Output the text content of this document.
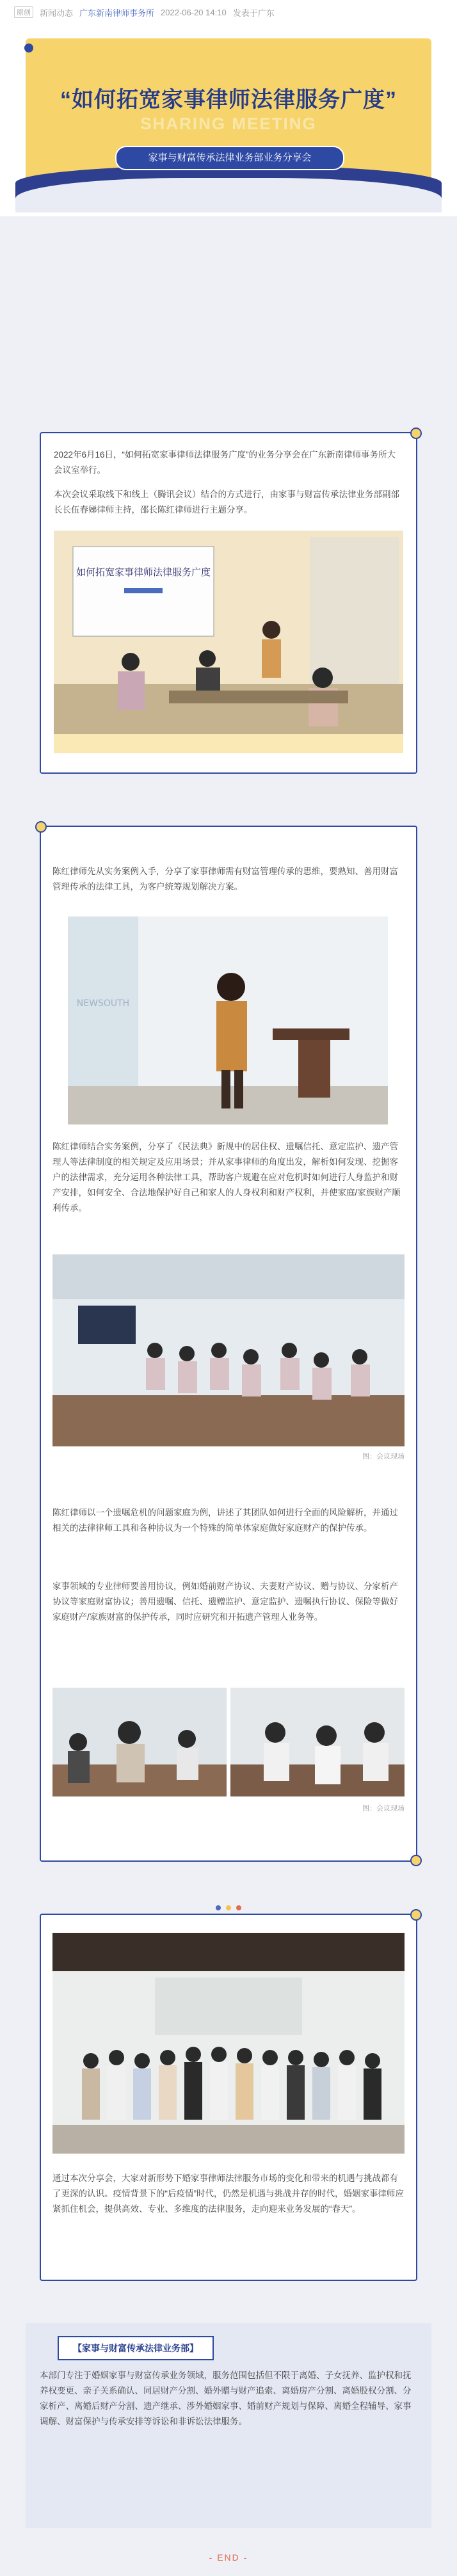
原创	新闻动态 广东新南律师事务所 2022-06-20 14:10 发表于广东
“如何拓宽家事律师法律服务广度”
SHARING MEETING
家事与财富传承法律业务部业务分享会

2022年6月16日，“如何拓宽家事律师法律服务广度”的业务分享会在广东新南律师事务所大会议室举行。

本次会议采取线下和线上（腾讯会议）结合的方式进行，由家事与财富传承法律业务部副部长长伍春娣律师主持，邵长陈红律师进行主题分享。

如何拓宽家事律师法律服务广度

陈红律师先从实务案例入手，分享了家事律师需有财富管理传承的思维，要熟知、善用财富管理传承的法律工具，为客户统筹规划解决方案。

NEWSOUTH

陈红律师结合实务案例，分享了《民法典》新规中的居住权、遗嘱信托、意定监护、遗产管理人等法律制度的相关规定及应用场景；并从家事律师的角度出发，解析如何发现、挖掘客户的法律需求，充分运用各种法律工具，帮助客户规避在应对危机时如何进行人身监护和财产安排，如何安全、合法地保护好自己和家人的人身权利和财产权利，并使家庭/家族财产顺利传承。

图：会议现场

陈红律师以一个遗嘱危机的问题家庭为例，讲述了其团队如何进行全面的风险解析，并通过相关的法律律师工具和各种协议为一个特殊的简单体家庭做好家庭财产的保护传承。

家事领域的专业律师要善用协议，例如婚前财产协议、夫妻财产协议、赠与协议、分家析产协议等家庭财富协议；善用遗嘱、信托、遗赠监护、意定监护、遗嘱执行协议、保险等做好家庭财产/家族财富的保护传承，同时应研究和开拓遗产管理人业务等。

图：会议现场

通过本次分享会，大家对新形势下婚家事律师法律服务市场的变化和带来的机遇与挑战都有了更深的认识。疫情背景下的“后疫情”时代，仍然是机遇与挑战并存的时代，婚姻家事律师应紧抓住机会，提供高效、专业、多维度的法律服务，走向迎来业务发展的“春天”。

【家事与财富传承法律业务部】

本部门专注于婚姻家事与财富传承业务领域，服务范围包括但不限于离婚、子女抚养、监护权和抚养权变更、亲子关系确认、同居财产分割、婚外赠与财产追索、离婚房产分割、离婚股权分割、分家析产、离婚后财产分割、遗产继承、涉外婚姻家事、婚前财产规划与保障、离婚全程辅导、家事调解、财富保护与传承安排等诉讼和非诉讼法律服务。

- END -
